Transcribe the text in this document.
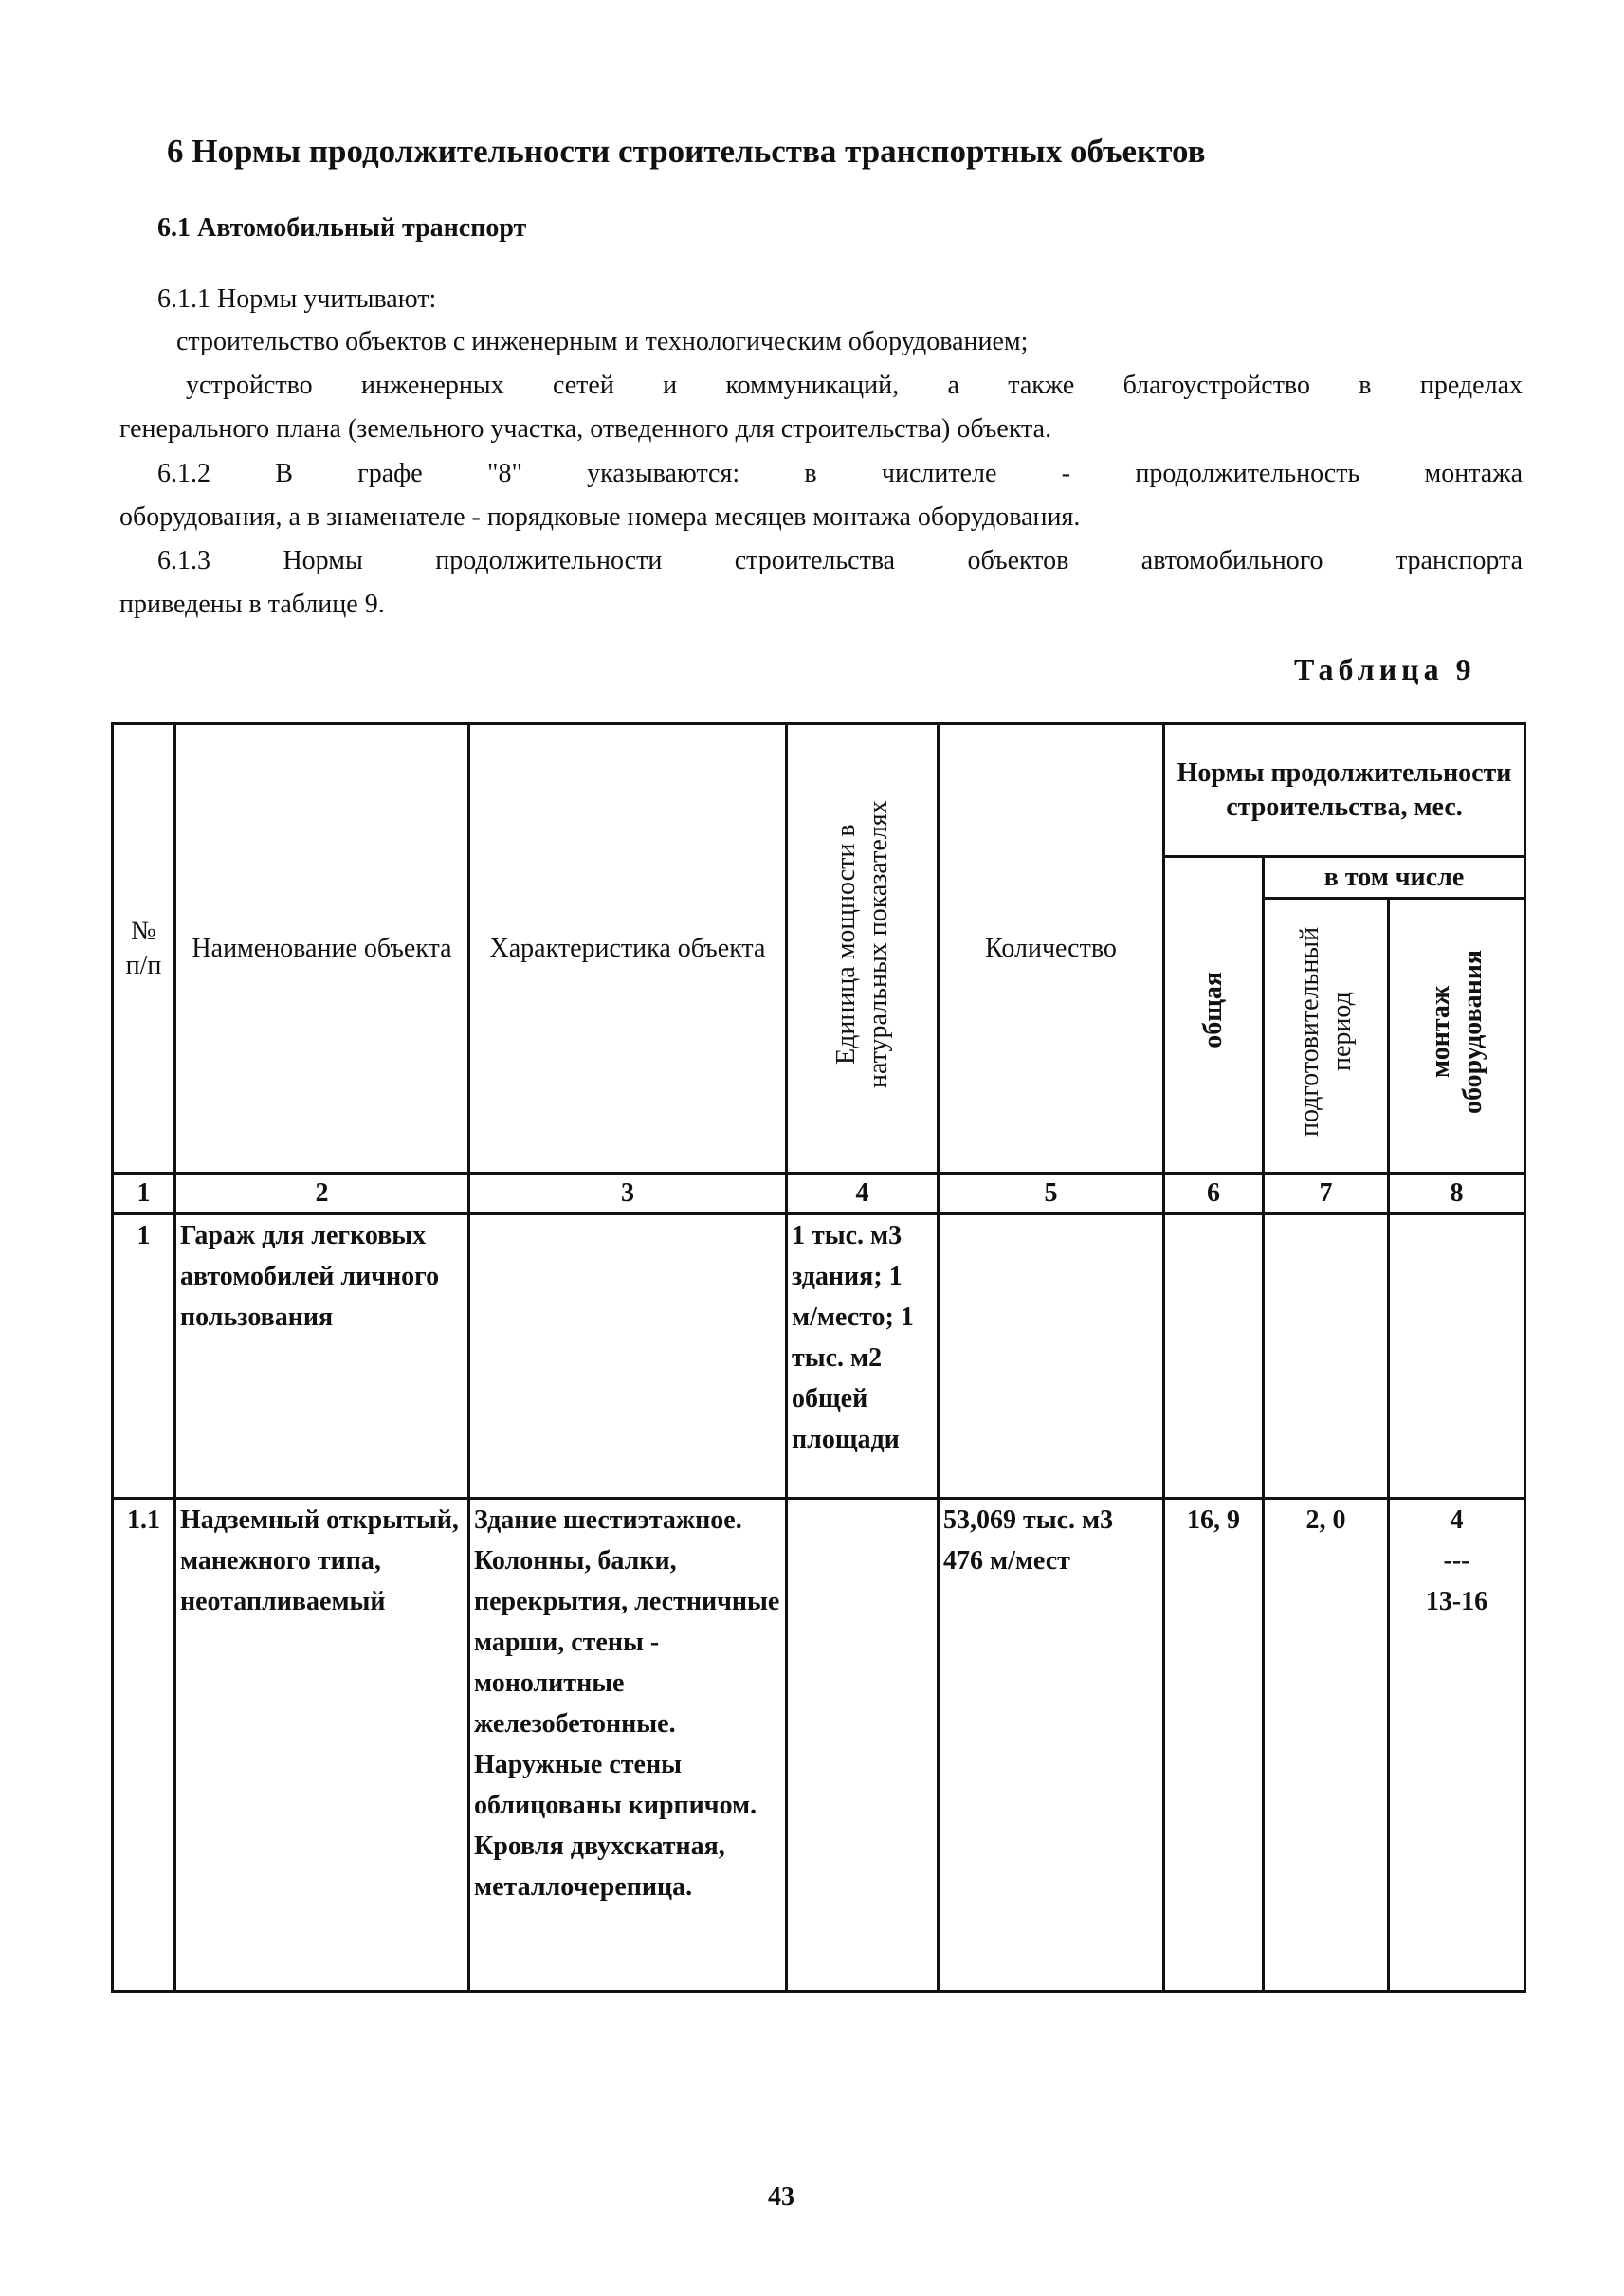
6 Нормы продолжительности строительства транспортных объектов
6.1 Автомобильный транспорт
6.1.1 Нормы учитывают:
строительство объектов с инженерным и технологическим оборудованием;
устройство инженерных сетей и коммуникаций, а также благоустройство в пределах
генерального плана (земельного участка, отведенного для строительства) объекта.
6.1.2 В графе "8" указываются: в числителе - продолжительность монтажа
оборудования, а в знаменателе - порядковые номера месяцев монтажа оборудования.
6.1.3 Нормы продолжительности строительства объектов автомобильного транспорта
приведены в таблице 9.
Таблица 9
№ п/п	Наименование объекта	Характеристика объекта	Единица мощности в натуральных показателях	Количество	Нормы продолжительности строительства, мес.		
					общая	в том числе	
						подготовительный период	монтаж оборудования
1	2	3	4	5	6	7	8
1	Гараж для легковых автомобилей личного пользования		1 тыс. м3 здания; 1 м/место; 1 тыс. м2 общей площади				
1.1	Надземный открытый, манежного типа, неотапливаемый	Здание шестиэтажное. Колонны, балки, перекрытия, лестничные марши, стены - монолитные железобетонные. Наружные стены облицованы кирпичом. Кровля двухскатная, металлочерепица.		53,069 тыс. м3 476 м/мест	16, 9	2, 0	4
---
13-16
43
